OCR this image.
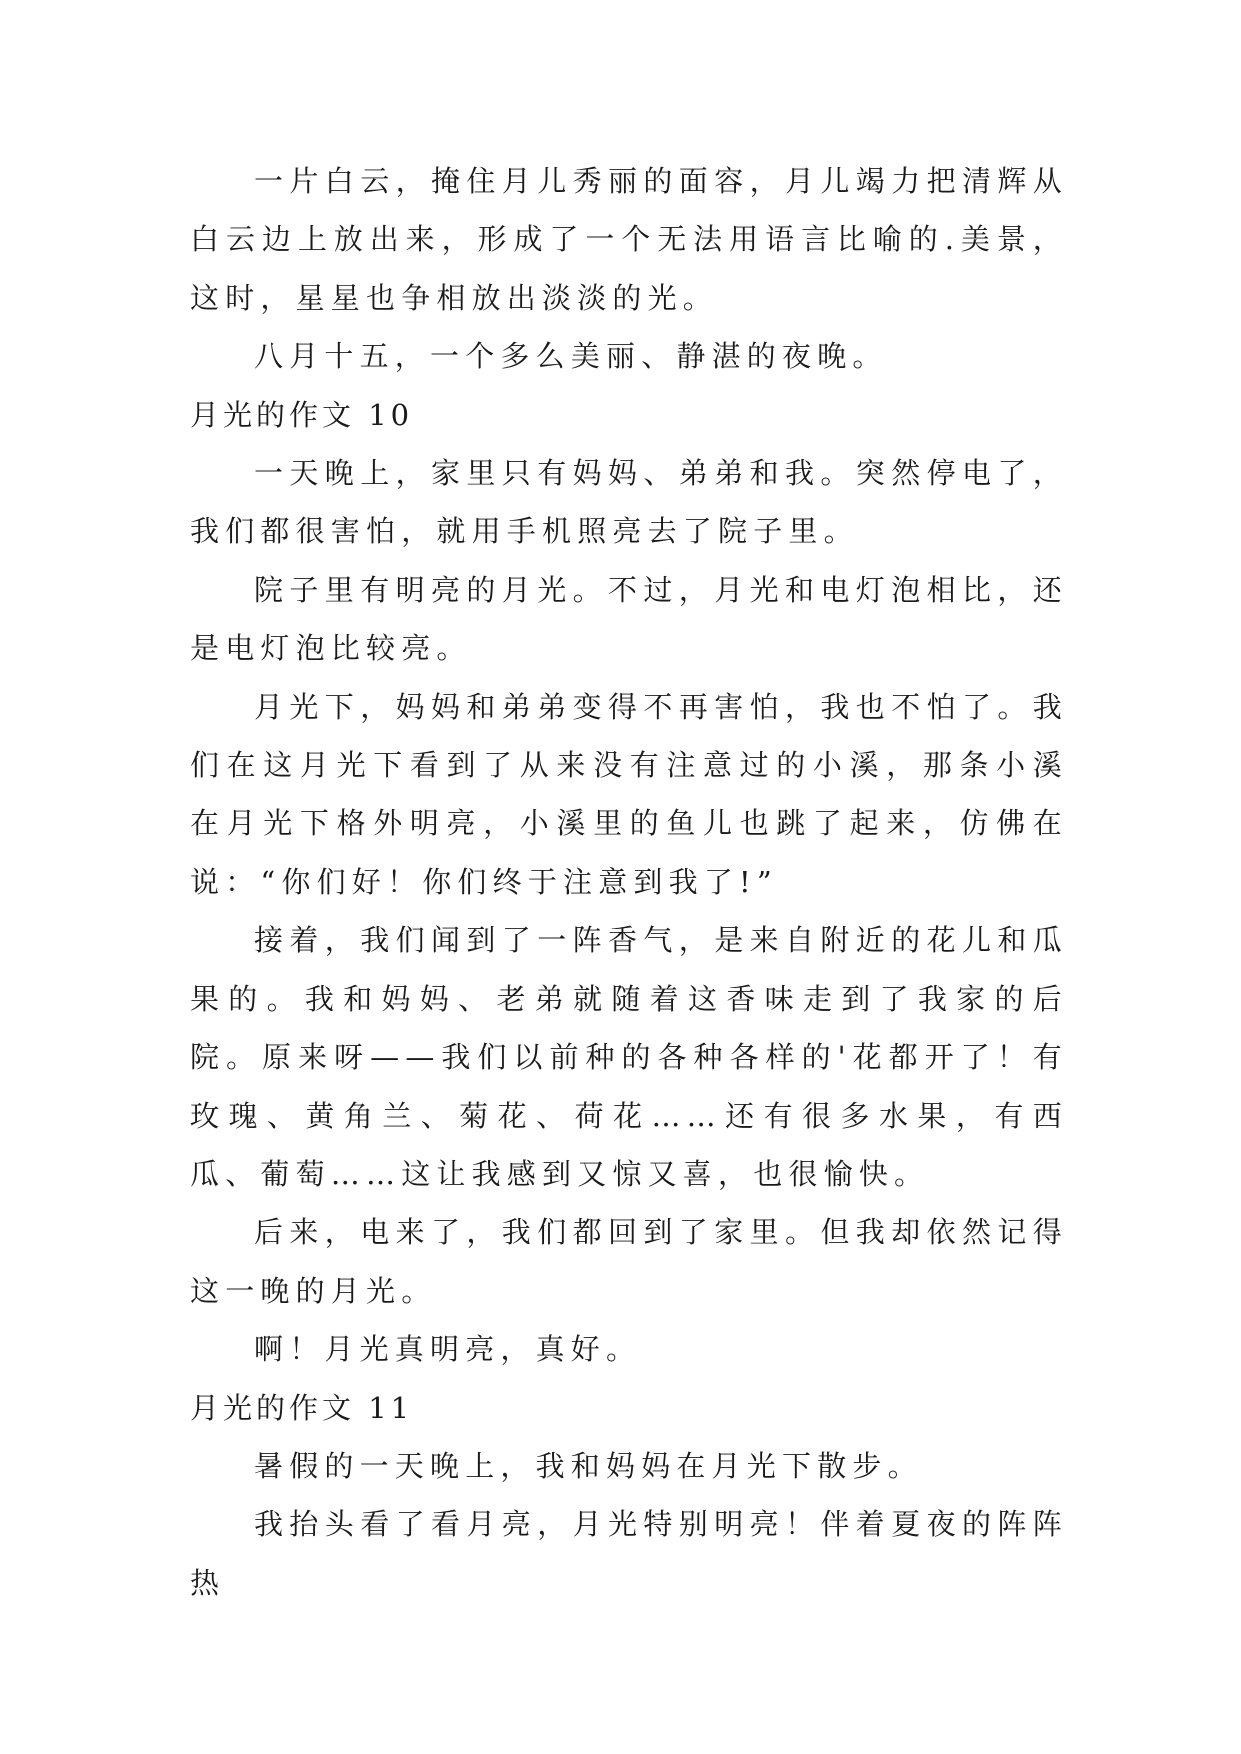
一片白云，掩住月儿秀丽的面容，月儿竭力把清辉从白云边上放出来，形成了一个无法用语言比喻的.美景，这时，星星也争相放出淡淡的光。

八月十五，一个多么美丽、静湛的夜晚。

月光的作文 10

一天晚上，家里只有妈妈、弟弟和我。突然停电了，我们都很害怕，就用手机照亮去了院子里。

院子里有明亮的月光。不过，月光和电灯泡相比，还是电灯泡比较亮。

月光下，妈妈和弟弟变得不再害怕，我也不怕了。我们在这月光下看到了从来没有注意过的小溪，那条小溪在月光下格外明亮，小溪里的鱼儿也跳了起来，仿佛在说：“你们好！你们终于注意到我了!”

接着，我们闻到了一阵香气，是来自附近的花儿和瓜果的。我和妈妈、老弟就随着这香味走到了我家的后院。原来呀——我们以前种的各种各样的'花都开了！有玫瑰、黄角兰、菊花、荷花……还有很多水果，有西瓜、葡萄……这让我感到又惊又喜，也很愉快。

后来，电来了，我们都回到了家里。但我却依然记得这一晚的月光。

啊！月光真明亮，真好。

月光的作文 11

暑假的一天晚上，我和妈妈在月光下散步。

我抬头看了看月亮，月光特别明亮！伴着夏夜的阵阵热
